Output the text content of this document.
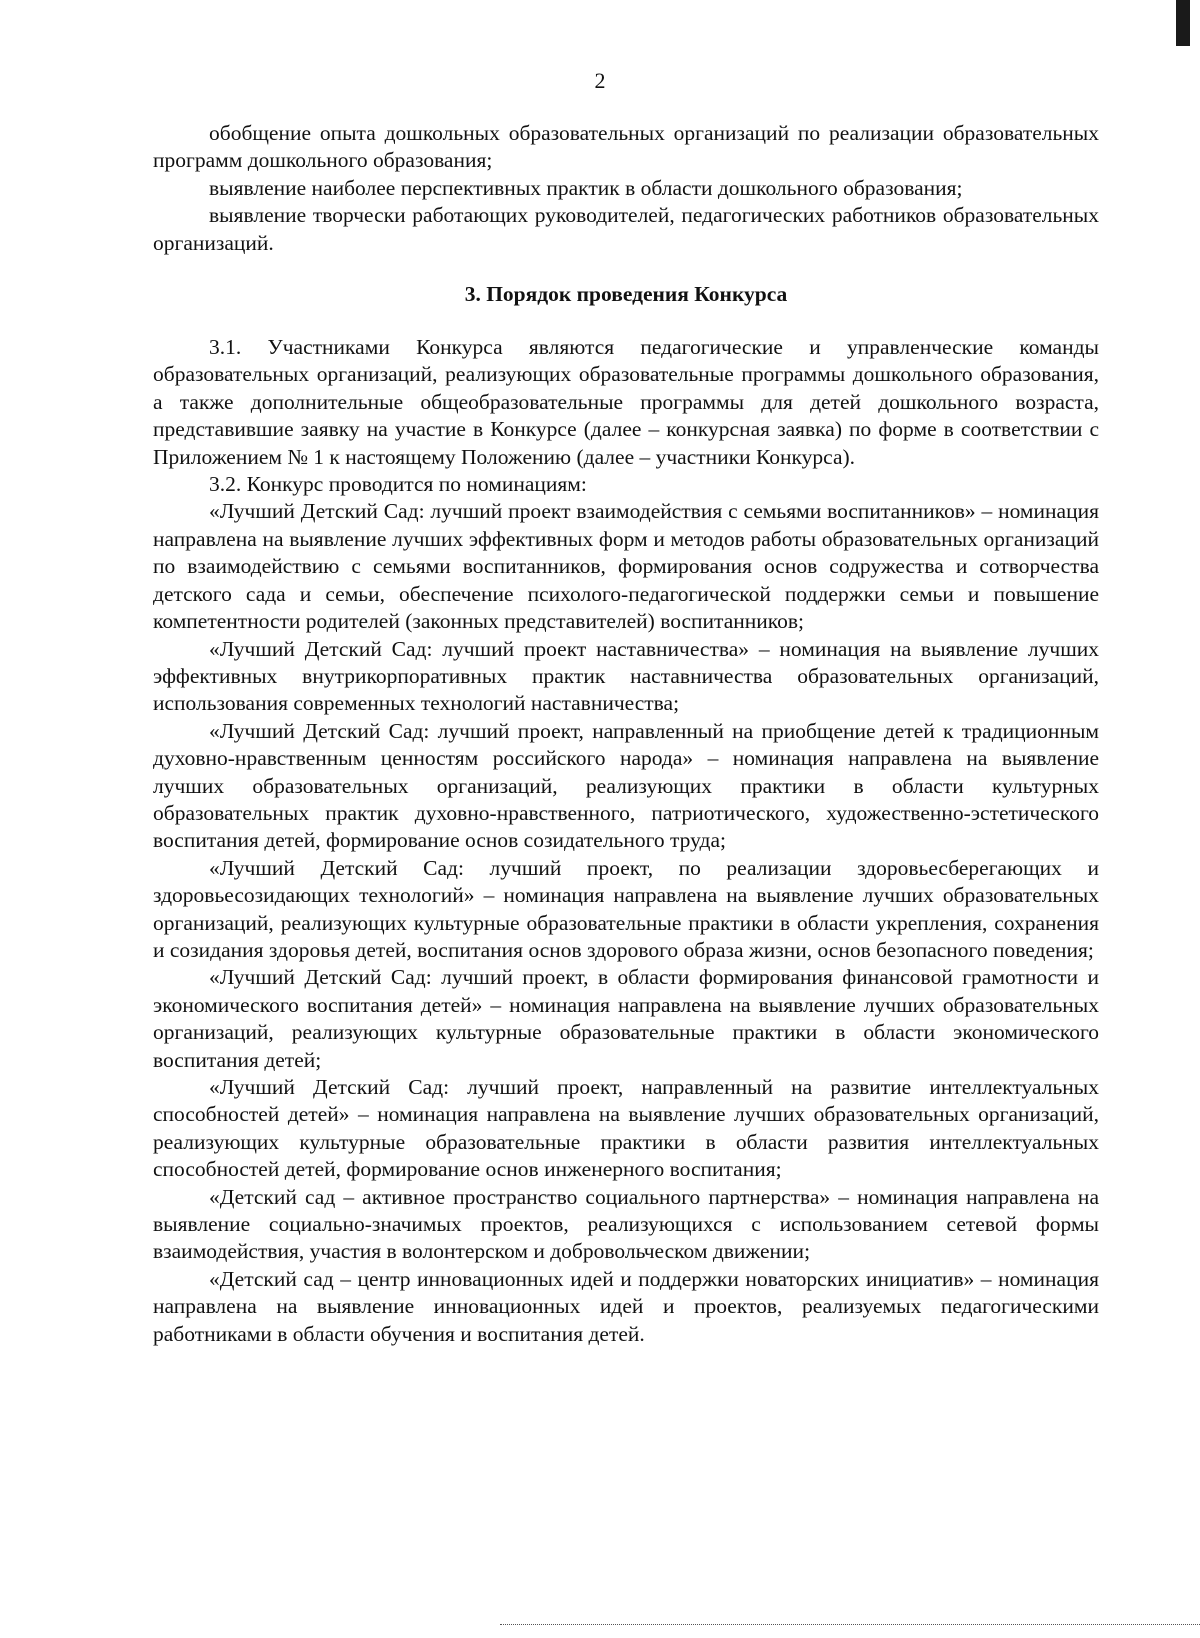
2

обобщение опыта дошкольных образовательных организаций по реализации образовательных программ дошкольного образования;

выявление наиболее перспективных практик в области дошкольного образования;

выявление творчески работающих руководителей, педагогических работников образовательных организаций.

3. Порядок проведения Конкурса

3.1. Участниками Конкурса являются педагогические и управленческие команды образовательных организаций, реализующих образовательные программы дошкольного образования, а также дополнительные общеобразовательные программы для детей дошкольного возраста, представившие заявку на участие в Конкурсе (далее – конкурсная заявка) по форме в соответствии с Приложением № 1 к настоящему Положению (далее – участники Конкурса).

3.2. Конкурс проводится по номинациям:

«Лучший Детский Сад: лучший проект взаимодействия с семьями воспитанников» – номинация направлена на выявление лучших эффективных форм и методов работы образовательных организаций по взаимодействию с семьями воспитанников, формирования основ содружества и сотворчества детского сада и семьи, обеспечение психолого-педагогической поддержки семьи и повышение компетентности родителей (законных представителей) воспитанников;

«Лучший Детский Сад: лучший проект наставничества» – номинация на выявление лучших эффективных внутрикорпоративных практик наставничества образовательных организаций, использования современных технологий наставничества;

«Лучший Детский Сад: лучший проект, направленный на приобщение детей к традиционным духовно-нравственным ценностям российского народа» – номинация направлена на выявление лучших образовательных организаций, реализующих практики в области культурных образовательных практик духовно-нравственного, патриотического, художественно-эстетического воспитания детей, формирование основ созидательного труда;

«Лучший Детский Сад: лучший проект, по реализации здоровьесберегающих и здоровьесозидающих технологий» – номинация направлена на выявление лучших образовательных организаций, реализующих культурные образовательные практики в области укрепления, сохранения и созидания здоровья детей, воспитания основ здорового образа жизни, основ безопасного поведения;

«Лучший Детский Сад: лучший проект, в области формирования финансовой грамотности и экономического воспитания детей» – номинация направлена на выявление лучших образовательных организаций, реализующих культурные образовательные практики в области экономического воспитания детей;

«Лучший Детский Сад: лучший проект, направленный на развитие интеллектуальных способностей детей» – номинация направлена на выявление лучших образовательных организаций, реализующих культурные образовательные практики в области развития интеллектуальных способностей детей, формирование основ инженерного воспитания;

«Детский сад – активное пространство социального партнерства» – номинация направлена на выявление социально-значимых проектов, реализующихся с использованием сетевой формы взаимодействия, участия в волонтерском и добровольческом движении;

«Детский сад – центр инновационных идей и поддержки новаторских инициатив» – номинация направлена на выявление инновационных идей и проектов, реализуемых педагогическими работниками в области обучения и воспитания детей.
